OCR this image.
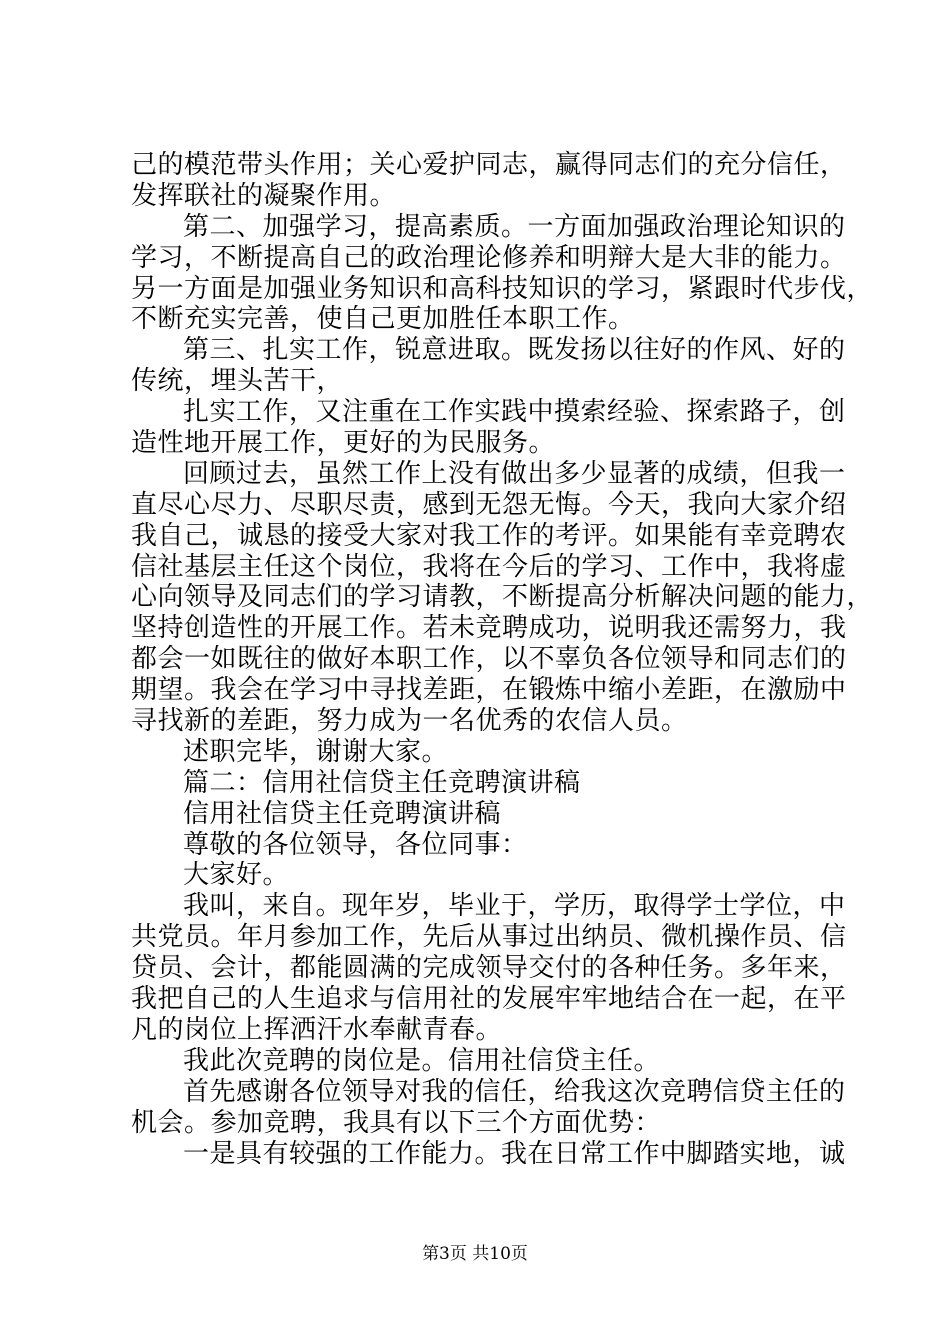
己的模范带头作用；关心爱护同志，赢得同志们的充分信任，
发挥联社的凝聚作用。
第二、加强学习，提高素质。一方面加强政治理论知识的
学习，不断提高自己的政治理论修养和明辩大是大非的能力。
另一方面是加强业务知识和高科技知识的学习，紧跟时代步伐，
不断充实完善，使自己更加胜任本职工作。
第三、扎实工作，锐意进取。既发扬以往好的作风、好的
传统，埋头苦干，
扎实工作，又注重在工作实践中摸索经验、探索路子，创
造性地开展工作，更好的为民服务。
回顾过去，虽然工作上没有做出多少显著的成绩，但我一
直尽心尽力、尽职尽责，感到无怨无悔。今天，我向大家介绍
我自己，诚恳的接受大家对我工作的考评。如果能有幸竞聘农
信社基层主任这个岗位，我将在今后的学习、工作中，我将虚
心向领导及同志们的学习请教，不断提高分析解决问题的能力，
坚持创造性的开展工作。若未竞聘成功，说明我还需努力，我
都会一如既往的做好本职工作，以不辜负各位领导和同志们的
期望。我会在学习中寻找差距，在锻炼中缩小差距，在激励中
寻找新的差距，努力成为一名优秀的农信人员。
述职完毕，谢谢大家。
篇二：信用社信贷主任竞聘演讲稿
信用社信贷主任竞聘演讲稿
尊敬的各位领导，各位同事：
大家好。
我叫，来自。现年岁，毕业于，学历，取得学士学位，中
共党员。年月参加工作，先后从事过出纳员、微机操作员、信
贷员、会计，都能圆满的完成领导交付的各种任务。多年来，
我把自己的人生追求与信用社的发展牢牢地结合在一起，在平
凡的岗位上挥洒汗水奉献青春。
我此次竞聘的岗位是。信用社信贷主任。
首先感谢各位领导对我的信任，给我这次竞聘信贷主任的
机会。参加竞聘，我具有以下三个方面优势：
一是具有较强的工作能力。我在日常工作中脚踏实地，诚
第3页 共10页
